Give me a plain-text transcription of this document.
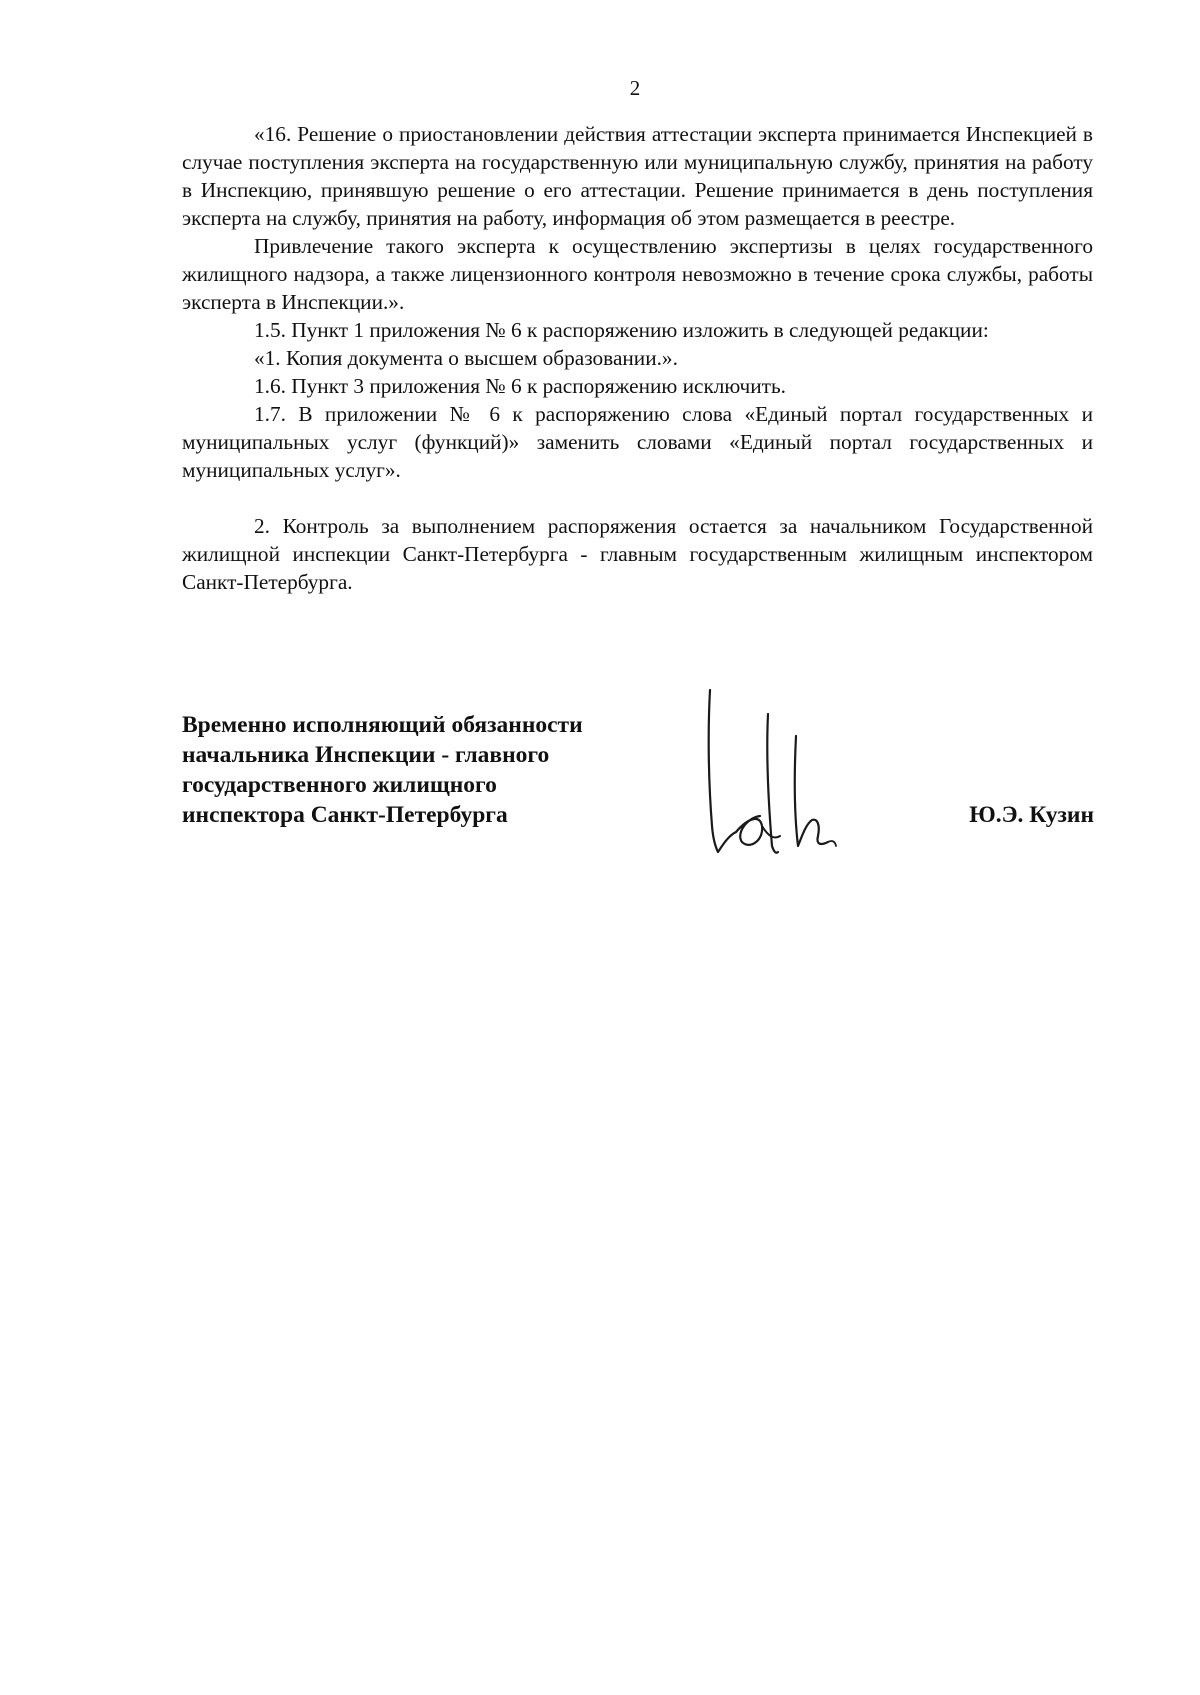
2

«16. Решение о приостановлении действия аттестации эксперта принимается Инспекцией в случае поступления эксперта на государственную или муниципальную службу, принятия на работу в Инспекцию, принявшую решение о его аттестации. Решение принимается в день поступления эксперта на службу, принятия на работу, информация об этом размещается в реестре.

Привлечение такого эксперта к осуществлению экспертизы в целях государственного жилищного надзора, а также лицензионного контроля невозможно в течение срока службы, работы эксперта в Инспекции.».

1.5. Пункт 1 приложения № 6 к распоряжению изложить в следующей редакции:

«1. Копия документа о высшем образовании.».

1.6. Пункт 3 приложения № 6 к распоряжению исключить.

1.7. В приложении № 6 к распоряжению слова «Единый портал государственных и муниципальных услуг (функций)» заменить словами «Единый портал государственных и муниципальных услуг».

2. Контроль за выполнением распоряжения остается за начальником Государственной жилищной инспекции Санкт-Петербурга - главным государственным жилищным инспектором Санкт-Петербурга.

Временно исполняющий обязанности
начальника Инспекции - главного
государственного жилищного
инспектора Санкт-Петербурга	Ю.Э. Кузин
